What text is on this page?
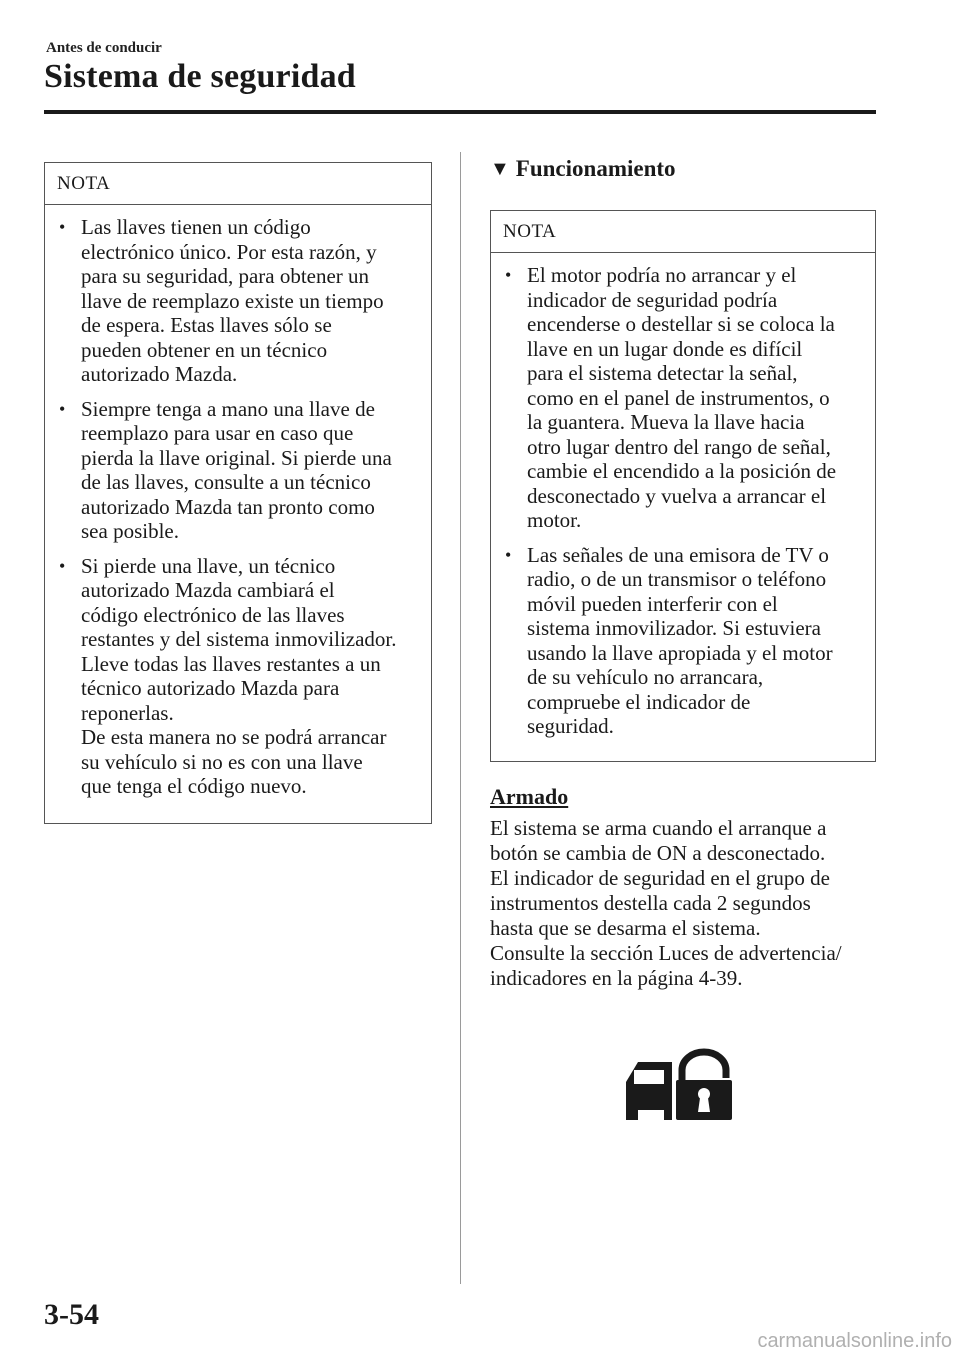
Antes de conducir
Sistema de seguridad
NOTA
• Las llaves tienen un código
electrónico único. Por esta razón, y
para su seguridad, para obtener un
llave de reemplazo existe un tiempo
de espera. Estas llaves sólo se
pueden obtener en un técnico
autorizado Mazda.
• Siempre tenga a mano una llave de
reemplazo para usar en caso que
pierda la llave original. Si pierde una
de las llaves, consulte a un técnico
autorizado Mazda tan pronto como
sea posible.
• Si pierde una llave, un técnico
autorizado Mazda cambiará el
código electrónico de las llaves
restantes y del sistema inmovilizador.
Lleve todas las llaves restantes a un
técnico autorizado Mazda para
reponerlas.
De esta manera no se podrá arrancar
su vehículo si no es con una llave
que tenga el código nuevo.
▼ Funcionamiento
NOTA
• El motor podría no arrancar y el
indicador de seguridad podría
encenderse o destellar si se coloca la
llave en un lugar donde es difícil
para el sistema detectar la señal,
como en el panel de instrumentos, o
la guantera. Mueva la llave hacia
otro lugar dentro del rango de señal,
cambie el encendido a la posición de
desconectado y vuelva a arrancar el
motor.
• Las señales de una emisora de TV o
radio, o de un transmisor o teléfono
móvil pueden interferir con el
sistema inmovilizador. Si estuviera
usando la llave apropiada y el motor
de su vehículo no arrancara,
compruebe el indicador de
seguridad.
Armado
El sistema se arma cuando el arranque a
botón se cambia de ON a desconectado.
El indicador de seguridad en el grupo de
instrumentos destella cada 2 segundos
hasta que se desarma el sistema.
Consulte la sección Luces de advertencia/
indicadores en la página 4-39.
3-54
carmanualsonline.info
